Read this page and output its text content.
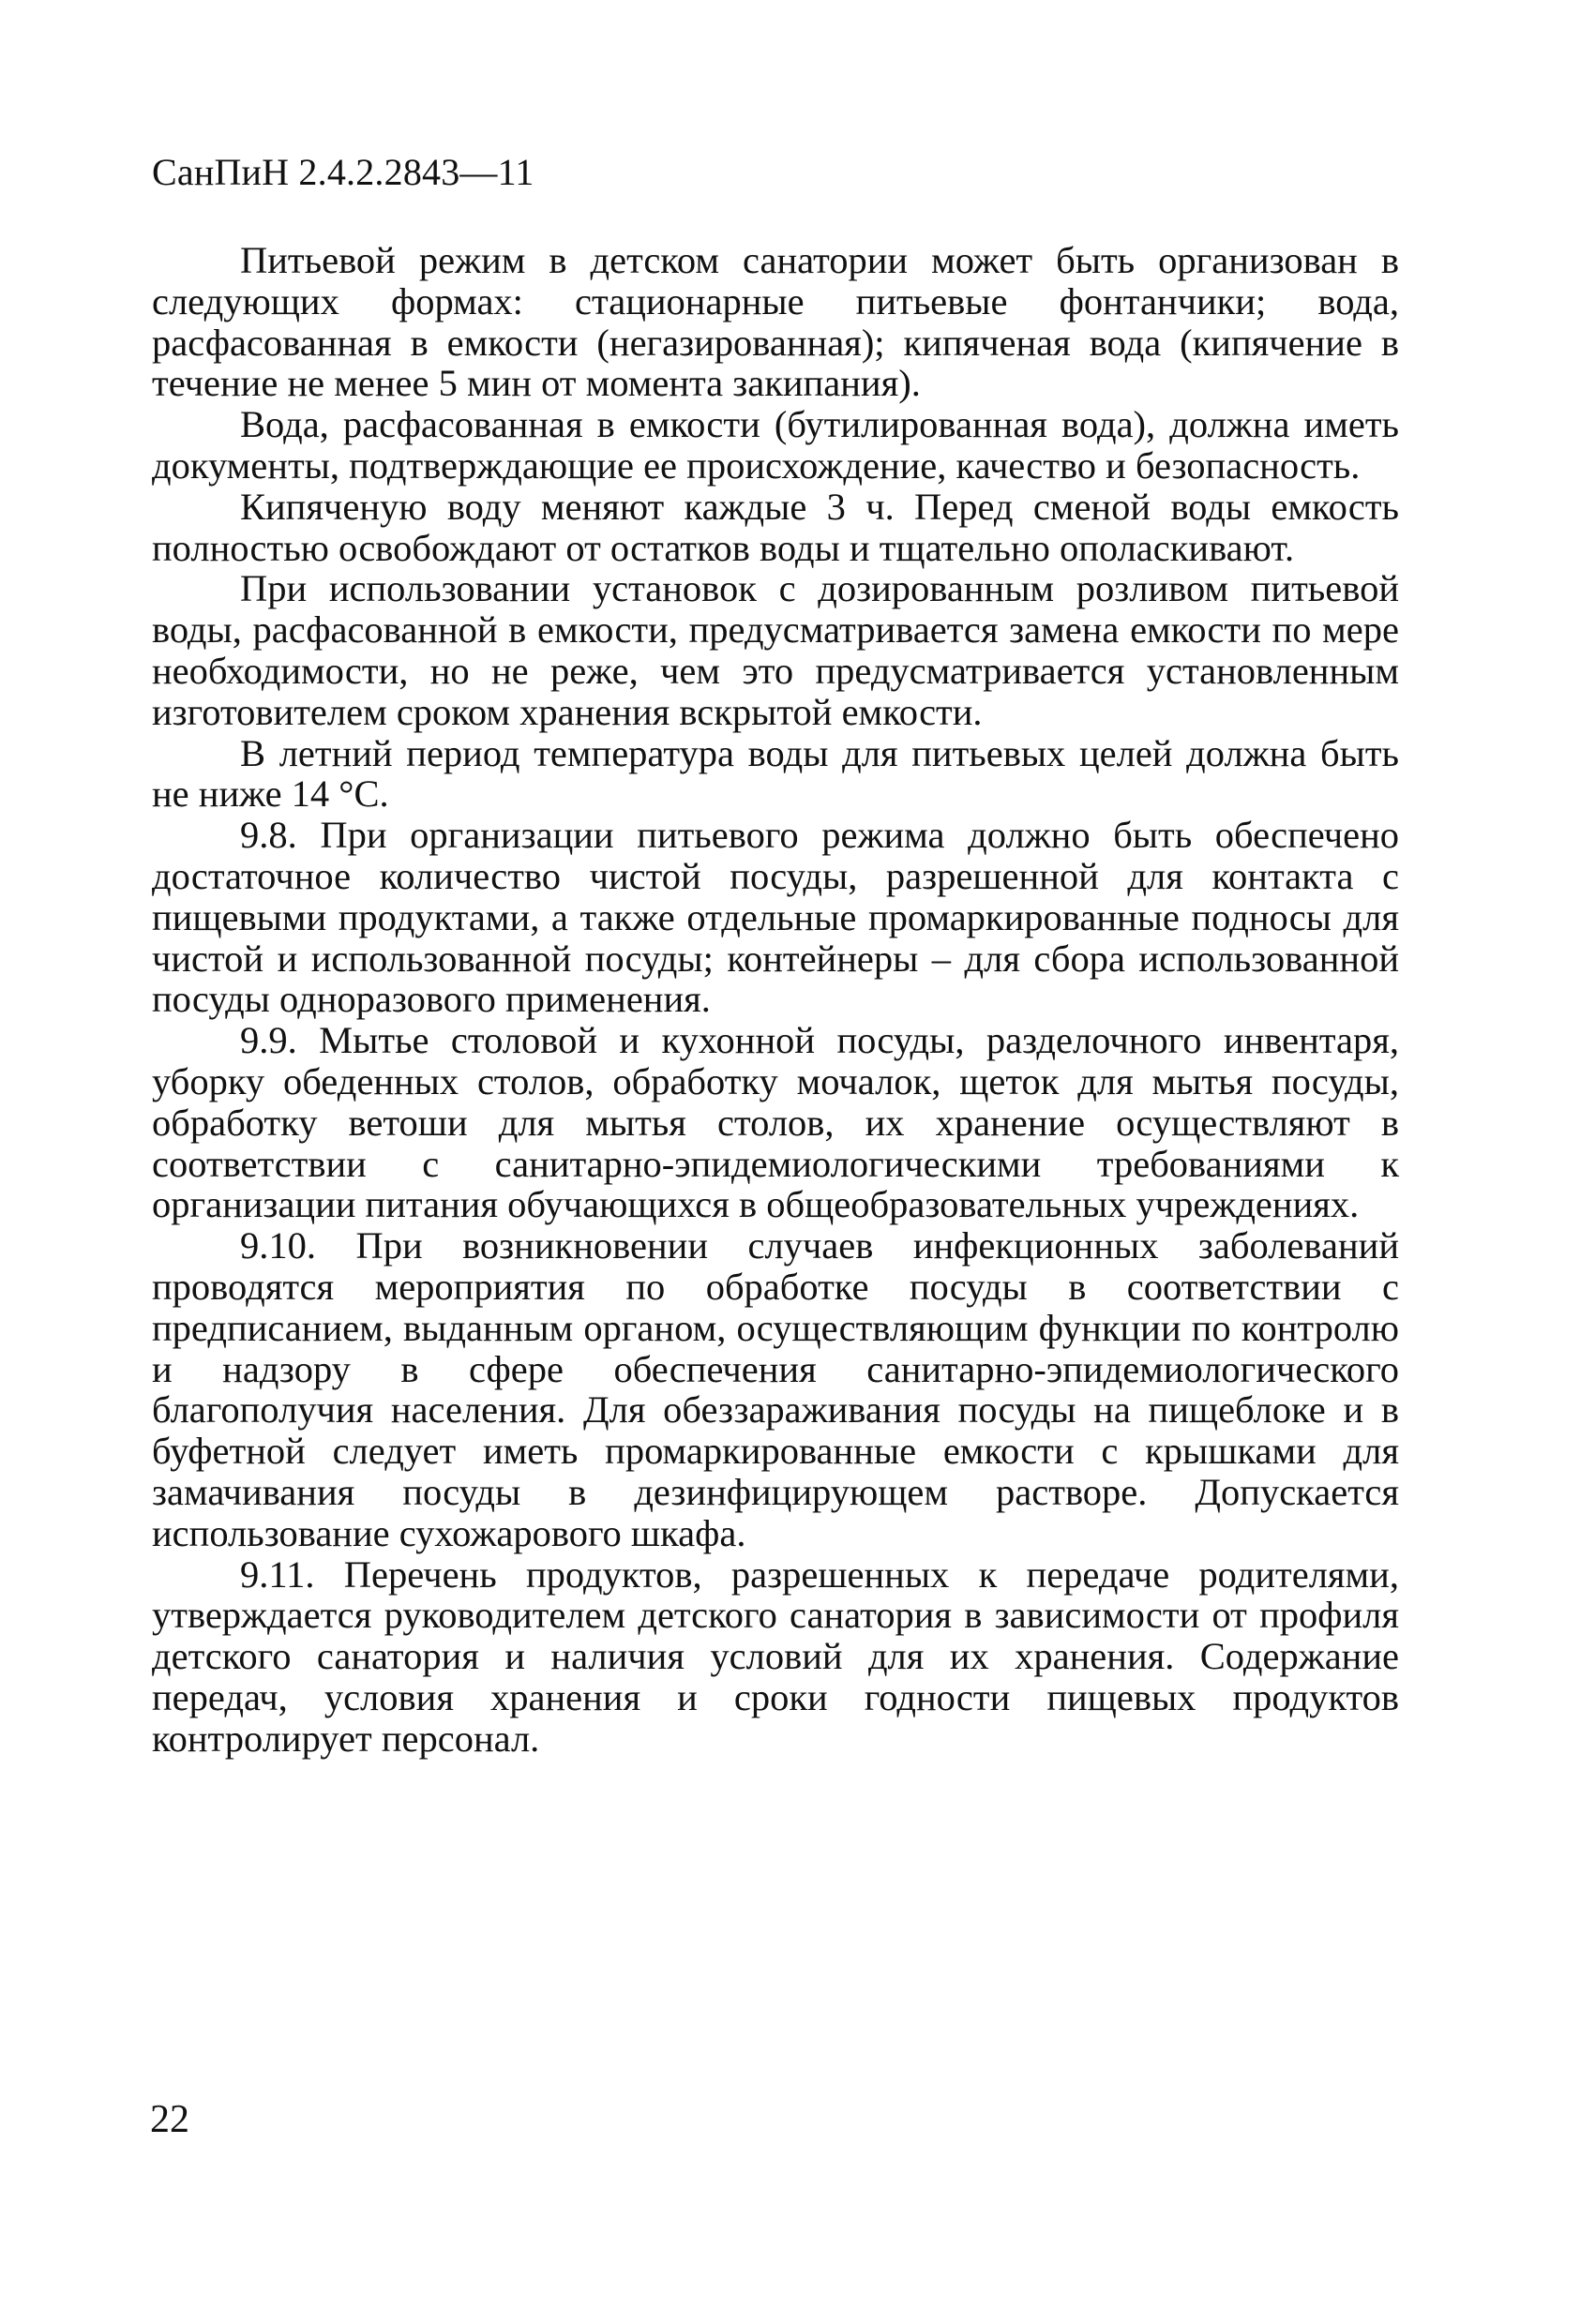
СанПиН 2.4.2.2843—11

Питьевой режим в детском санатории может быть организован в следующих формах: стационарные питьевые фонтанчики; вода, расфасованная в емкости (негазированная); кипяченая вода (кипячение в течение не менее 5 мин от момента закипания).

Вода, расфасованная в емкости (бутилированная вода), должна иметь документы, подтверждающие ее происхождение, качество и безопасность.

Кипяченую воду меняют каждые 3 ч. Перед сменой воды емкость полностью освобождают от остатков воды и тщательно ополаскивают.

При использовании установок с дозированным розливом питьевой воды, расфасованной в емкости, предусматривается замена емкости по мере необходимости, но не реже, чем это предусматривается установленным изготовителем сроком хранения вскрытой емкости.

В летний период температура воды для питьевых целей должна быть не ниже 14 °С.

9.8. При организации питьевого режима должно быть обеспечено достаточное количество чистой посуды, разрешенной для контакта с пищевыми продуктами, а также отдельные промаркированные подносы для чистой и использованной посуды; контейнеры – для сбора использованной посуды одноразового применения.

9.9. Мытье столовой и кухонной посуды, разделочного инвентаря, уборку обеденных столов, обработку мочалок, щеток для мытья посуды, обработку ветоши для мытья столов, их хранение осуществляют в соответствии с санитарно-эпидемиологическими требованиями к организации питания обучающихся в общеобразовательных учреждениях.

9.10. При возникновении случаев инфекционных заболеваний проводятся мероприятия по обработке посуды в соответствии с предписанием, выданным органом, осуществляющим функции по контролю и надзору в сфере обеспечения санитарно-эпидемиологического благополучия населения. Для обеззараживания посуды на пищеблоке и в буфетной следует иметь промаркированные емкости с крышками для замачивания посуды в дезинфицирующем растворе. Допускается использование сухожарового шкафа.

9.11. Перечень продуктов, разрешенных к передаче родителями, утверждается руководителем детского санатория в зависимости от профиля детского санатория и наличия условий для их хранения. Содержание передач, условия хранения и сроки годности пищевых продуктов контролирует персонал.

22
